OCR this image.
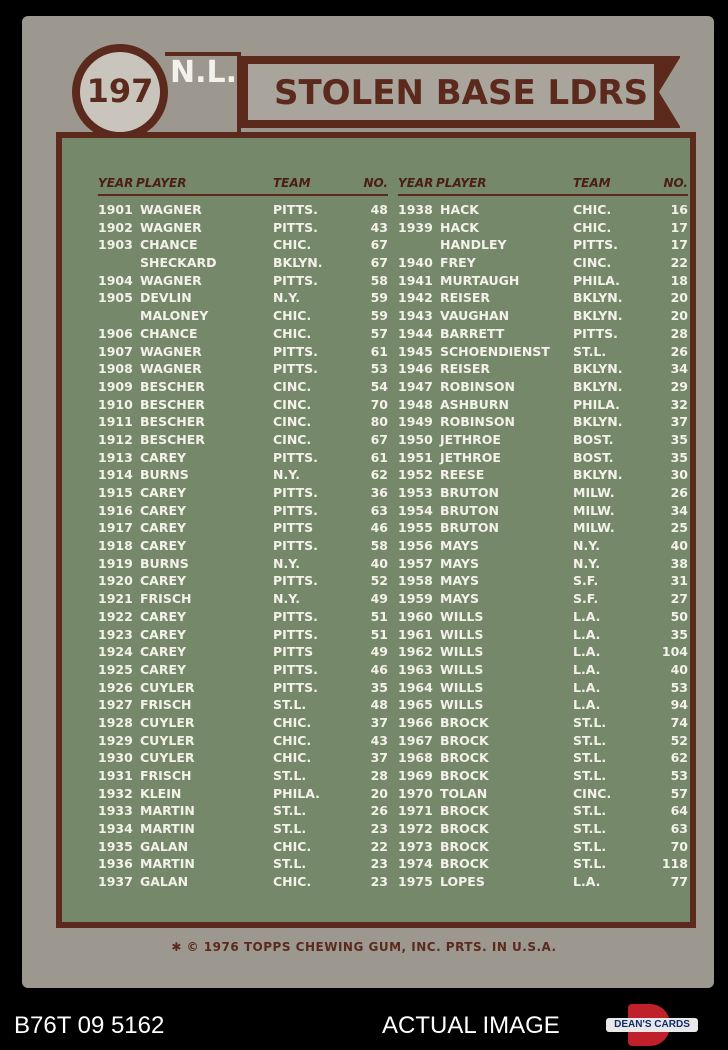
197 N.L.
STOLEN BASE LDRS
YEAR PLAYER	TEAM	NO.
1901 WAGNER	PITTS.	48
1902 WAGNER	PITTS.	43
1903 CHANCE	CHIC.	67
SHECKARD	BKLYN.	67
1904 WAGNER	PITTS.	58
1905 DEVLIN	N.Y.	59
MALONEY	CHIC.	59
1906 CHANCE	CHIC.	57
1907 WAGNER	PITTS.	61
1908 WAGNER	PITTS.	53
1909 BESCHER	CINC.	54
1910 BESCHER	CINC.	70
1911 BESCHER	CINC.	80
1912 BESCHER	CINC.	67
1913 CAREY	PITTS.	61
1914 BURNS	N.Y.	62
1915 CAREY	PITTS.	36
1916 CAREY	PITTS.	63
1917 CAREY	PITTS	46
1918 CAREY	PITTS.	58
1919 BURNS	N.Y.	40
1920 CAREY	PITTS.	52
1921 FRISCH	N.Y.	49
1922 CAREY	PITTS.	51
1923 CAREY	PITTS.	51
1924 CAREY	PITTS	49
1925 CAREY	PITTS.	46
1926 CUYLER	PITTS.	35
1927 FRISCH	ST.L.	48
1928 CUYLER	CHIC.	37
1929 CUYLER	CHIC.	43
1930 CUYLER	CHIC.	37
1931 FRISCH	ST.L.	28
1932 KLEIN	PHILA.	20
1933 MARTIN	ST.L.	26
1934 MARTIN	ST.L.	23
1935 GALAN	CHIC.	22
1936 MARTIN	ST.L.	23
1937 GALAN	CHIC.	23
YEAR PLAYER	TEAM	NO.
1938 HACK	CHIC.	16
1939 HACK	CHIC.	17
HANDLEY	PITTS.	17
1940 FREY	CINC.	22
1941 MURTAUGH	PHILA.	18
1942 REISER	BKLYN.	20
1943 VAUGHAN	BKLYN.	20
1944 BARRETT	PITTS.	28
1945 SCHOENDIENST ST.L.	26
1946 REISER	BKLYN.	34
1947 ROBINSON	BKLYN.	29
1948 ASHBURN	PHILA.	32
1949 ROBINSON	BKLYN.	37
1950 JETHROE	BOST.	35
1951 JETHROE	BOST.	35
1952 REESE	BKLYN.	30
1953 BRUTON	MILW.	26
1954 BRUTON	MILW.	34
1955 BRUTON	MILW.	25
1956 MAYS	N.Y.	40
1957 MAYS	N.Y.	38
1958 MAYS	S.F.	31
1959 MAYS	S.F.	27
1960 WILLS	L.A.	50
1961 WILLS	L.A.	35
1962 WILLS	L.A.	104
1963 WILLS	L.A.	40
1964 WILLS	L.A.	53
1965 WILLS	L.A.	94
1966 BROCK	ST.L.	74
1967 BROCK	ST.L.	52
1968 BROCK	ST.L.	62
1969 BROCK	ST.L.	53
1970 TOLAN	CINC.	57
1971 BROCK	ST.L.	64
1972 BROCK	ST.L.	63
1973 BROCK	ST.L.	70
1974 BROCK	ST.L.	118
1975 LOPES	L.A.	77
✱ © 1976 TOPPS CHEWING GUM, INC. PRTS. IN U.S.A.
B76T 09 5162	ACTUAL IMAGE	DEAN'S CARDS
